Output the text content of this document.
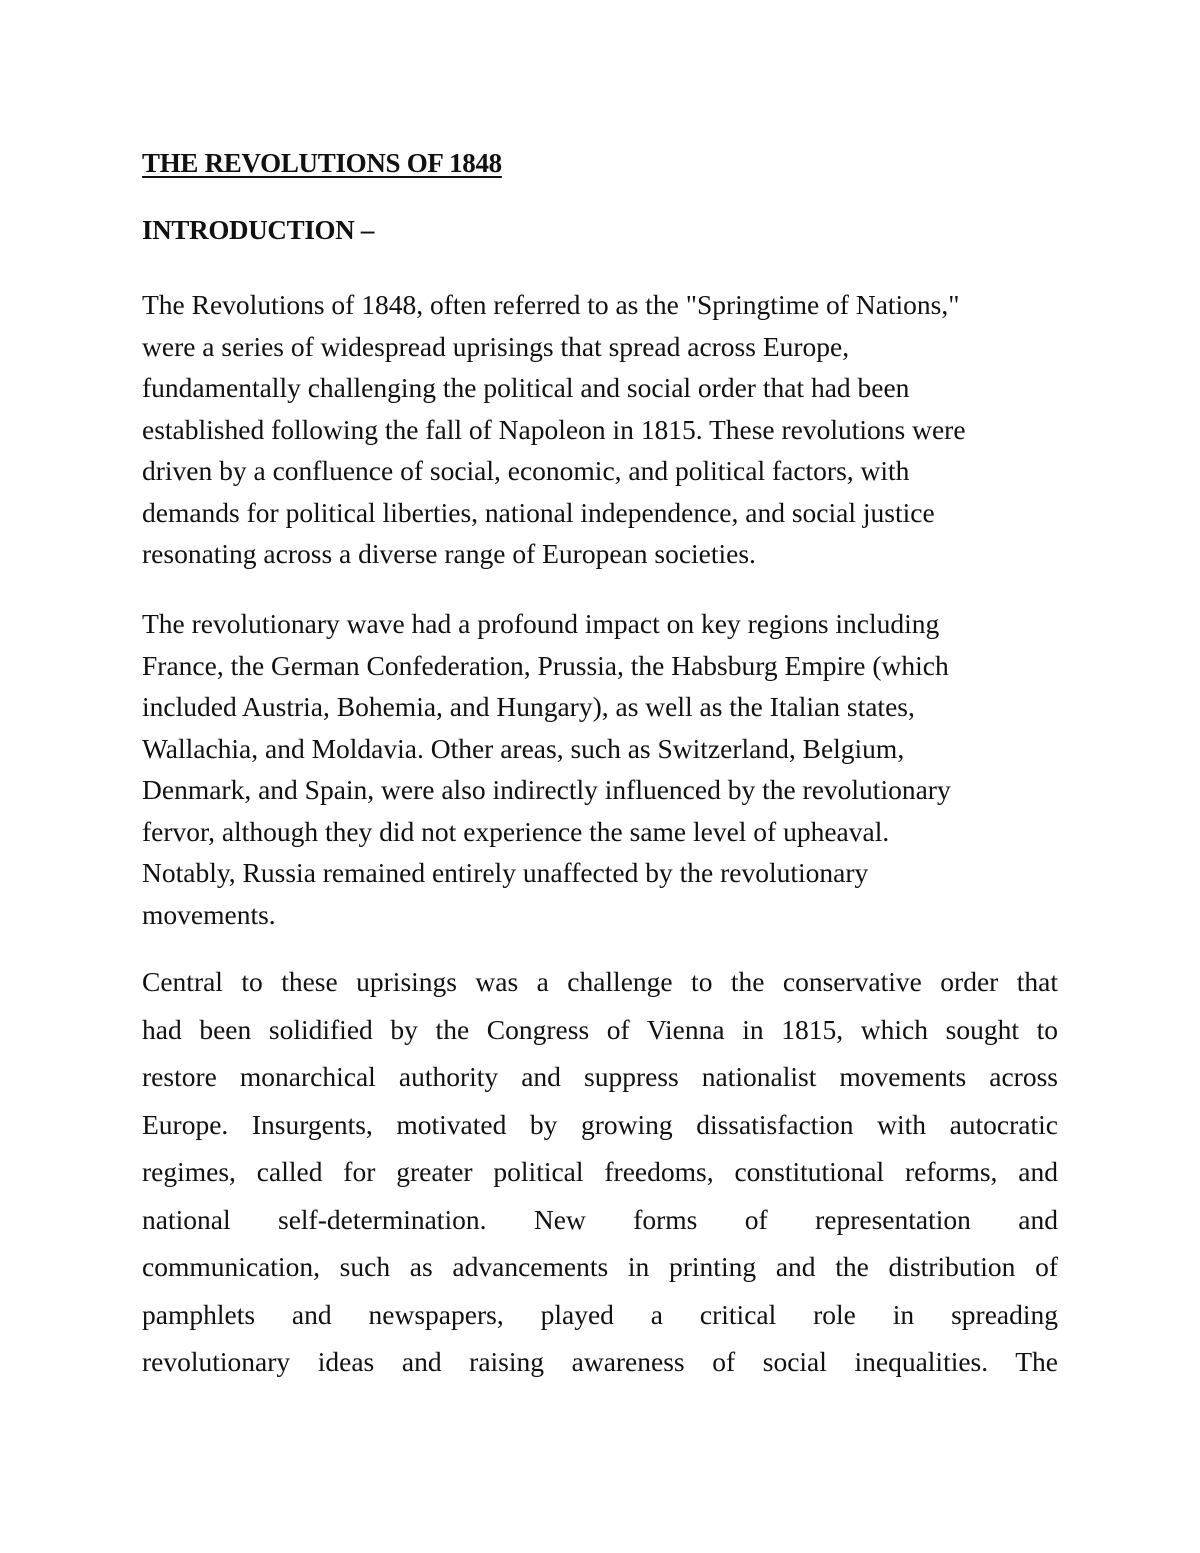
THE REVOLUTIONS OF 1848
INTRODUCTION –

The Revolutions of 1848, often referred to as the "Springtime of Nations,"
were a series of widespread uprisings that spread across Europe,
fundamentally challenging the political and social order that had been
established following the fall of Napoleon in 1815. These revolutions were
driven by a confluence of social, economic, and political factors, with
demands for political liberties, national independence, and social justice
resonating across a diverse range of European societies.

The revolutionary wave had a profound impact on key regions including
France, the German Confederation, Prussia, the Habsburg Empire (which
included Austria, Bohemia, and Hungary), as well as the Italian states,
Wallachia, and Moldavia. Other areas, such as Switzerland, Belgium,
Denmark, and Spain, were also indirectly influenced by the revolutionary
fervor, although they did not experience the same level of upheaval.
Notably, Russia remained entirely unaffected by the revolutionary
movements.

Central to these uprisings was a challenge to the conservative order that
had been solidified by the Congress of Vienna in 1815, which sought to
restore monarchical authority and suppress nationalist movements across
Europe. Insurgents, motivated by growing dissatisfaction with autocratic
regimes, called for greater political freedoms, constitutional reforms, and
national self-determination. New forms of representation and
communication, such as advancements in printing and the distribution of
pamphlets and newspapers, played a critical role in spreading
revolutionary ideas and raising awareness of social inequalities. The
